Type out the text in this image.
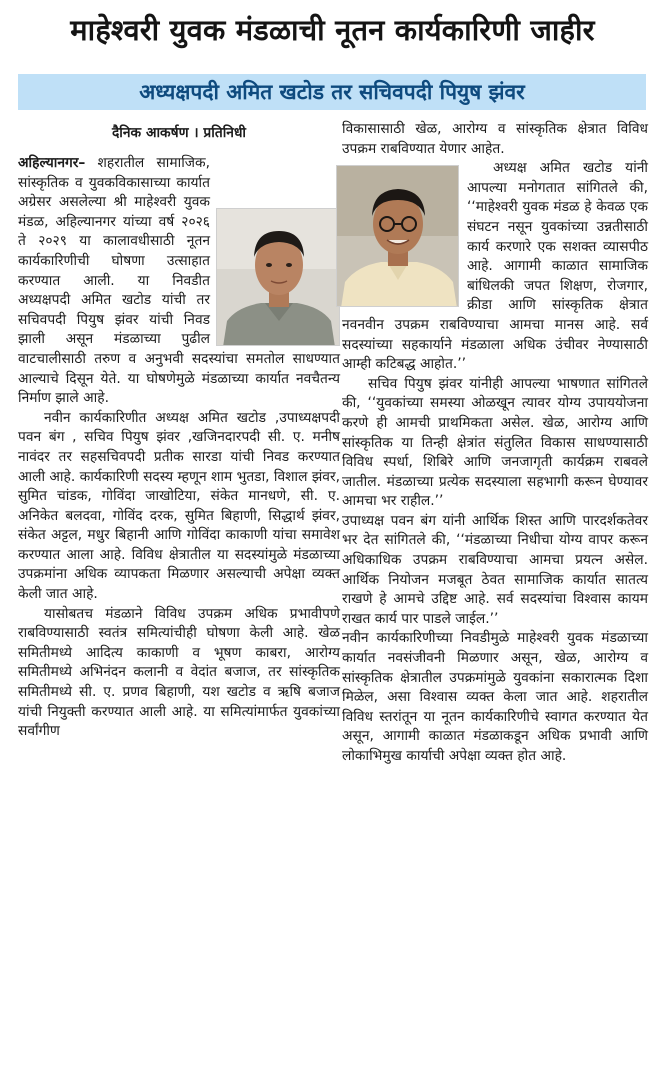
माहेश्वरी युवक मंडळाची नूतन कार्यकारिणी जाहीर
अध्यक्षपदी अमित खटोड तर सचिवपदी पियुष झंवर
दैनिक आकर्षण । प्रतिनिधी

अहिल्यानगर– शहरातील सामाजिक, सांस्कृतिक व युवकविकासाच्या कार्यात अग्रेसर असलेल्या श्री माहेश्वरी युवक मंडळ, अहिल्यानगर यांच्या वर्ष २०२६ ते २०२९ या कालावधीसाठी नूतन कार्यकारिणीची घोषणा उत्साहात करण्यात आली. या निवडीत अध्यक्षपदी अमित खटोड यांची तर सचिवपदी पियुष झंवर यांची निवड झाली असून मंडळाच्या पुढील वाटचालीसाठी तरुण व अनुभवी सदस्यांचा समतोल साधण्यात आल्याचे दिसून येते. या घोषणेमुळे मंडळाच्या कार्यात नवचैतन्य निर्माण झाले आहे.

नवीन कार्यकारिणीत अध्यक्ष अमित खटोड ,उपाध्यक्षपदी पवन बंग , सचिव पियुष झंवर ,खजिनदारपदी सी. ए. मनीष नावंदर तर सहसचिवपदी प्रतीक सारडा यांची निवड करण्यात आली आहे. कार्यकारिणी सदस्य म्हणून शाम भुतडा, विशाल झंवर, सुमित चांडक, गोविंदा जाखोटिया, संकेत मानधणे, सी. ए. अनिकेत बलदवा, गोविंद दरक, सुमित बिहाणी, सिद्धार्थ झंवर, संकेत अट्टल, मधुर बिहानी आणि गोविंदा काकाणी यांचा समावेश करण्यात आला आहे. विविध क्षेत्रातील या सदस्यांमुळे मंडळाच्या उपक्रमांना अधिक व्यापकता मिळणार असल्याची अपेक्षा व्यक्त केली जात आहे.

यासोबतच मंडळाने विविध उपक्रम अधिक प्रभावीपणे राबविण्यासाठी स्वतंत्र समित्यांचीही घोषणा केली आहे. खेळ समितीमध्ये आदित्य काकाणी व भूषण काबरा, आरोग्य समितीमध्ये अभिनंदन कलानी व वेदांत बजाज, तर सांस्कृतिक समितीमध्ये सी. ए. प्रणव बिहाणी, यश खटोड व ऋषि बजाज यांची नियुक्ती करण्यात आली आहे. या समित्यांमार्फत युवकांच्या सर्वांगीण

विकासासाठी खेळ, आरोग्य व सांस्कृतिक क्षेत्रात विविध उपक्रम राबविण्यात येणार आहेत.

अध्यक्ष अमित खटोड यांनी आपल्या मनोगतात सांगितले की, ‘‘माहेश्वरी युवक मंडळ हे केवळ एक संघटन नसून युवकांच्या उन्नतीसाठी कार्य करणारे एक सशक्त व्यासपीठ आहे. आगामी काळात सामाजिक बांधिलकी जपत शिक्षण, रोजगार, क्रीडा आणि सांस्कृतिक क्षेत्रात नवनवीन उपक्रम राबविण्याचा आमचा मानस आहे. सर्व सदस्यांच्या सहकार्याने मंडळाला अधिक उंचीवर नेण्यासाठी आम्ही कटिबद्ध आहोत.’’

सचिव पियुष झंवर यांनीही आपल्या भाषणात सांगितले की, ‘‘युवकांच्या समस्या ओळखून त्यावर योग्य उपाययोजना करणे ही आमची प्राथमिकता असेल. खेळ, आरोग्य आणि सांस्कृतिक या तिन्ही क्षेत्रांत संतुलित विकास साधण्यासाठी विविध स्पर्धा, शिबिरे आणि जनजागृती कार्यक्रम राबवले जातील. मंडळाच्या प्रत्येक सदस्याला सहभागी करून घेण्यावर आमचा भर राहील.’’

उपाध्यक्ष पवन बंग यांनी आर्थिक शिस्त आणि पारदर्शकतेवर भर देत सांगितले की, ‘‘मंडळाच्या निधीचा योग्य वापर करून अधिकाधिक उपक्रम राबविण्याचा आमचा प्रयत्न असेल. आर्थिक नियोजन मजबूत ठेवत सामाजिक कार्यात सातत्य राखणे हे आमचे उद्दिष्ट आहे. सर्व सदस्यांचा विश्वास कायम राखत कार्य पार पाडले जाईल.’’

नवीन कार्यकारिणीच्या निवडीमुळे माहेश्वरी युवक मंडळाच्या कार्यात नवसंजीवनी मिळणार असून, खेळ, आरोग्य व सांस्कृतिक क्षेत्रातील उपक्रमांमुळे युवकांना सकारात्मक दिशा मिळेल, असा विश्वास व्यक्त केला जात आहे. शहरातील विविध स्तरांतून या नूतन कार्यकारिणीचे स्वागत करण्यात येत असून, आगामी काळात मंडळाकडून अधिक प्रभावी आणि लोकाभिमुख कार्याची अपेक्षा व्यक्त होत आहे.
